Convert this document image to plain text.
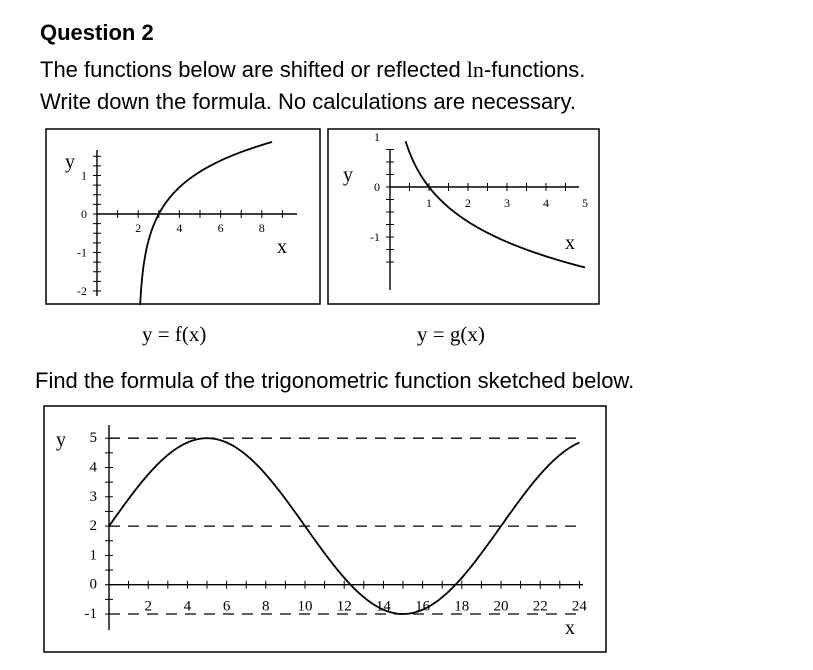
Question 2
The functions below are shifted or reflected ln-functions.
Write down the formula. No calculations are necessary.
2	4	6	8
-2
-1
0
1
y
x
1	2	3	4	5
-1
0
1
y
x
y = f(x)	y = g(x)
Find the formula of the trigonometric function sketched below.
2 4 6 8 10 12 14 16 18 20 22 24
-1
0
1
2
3
4
5
y
x
